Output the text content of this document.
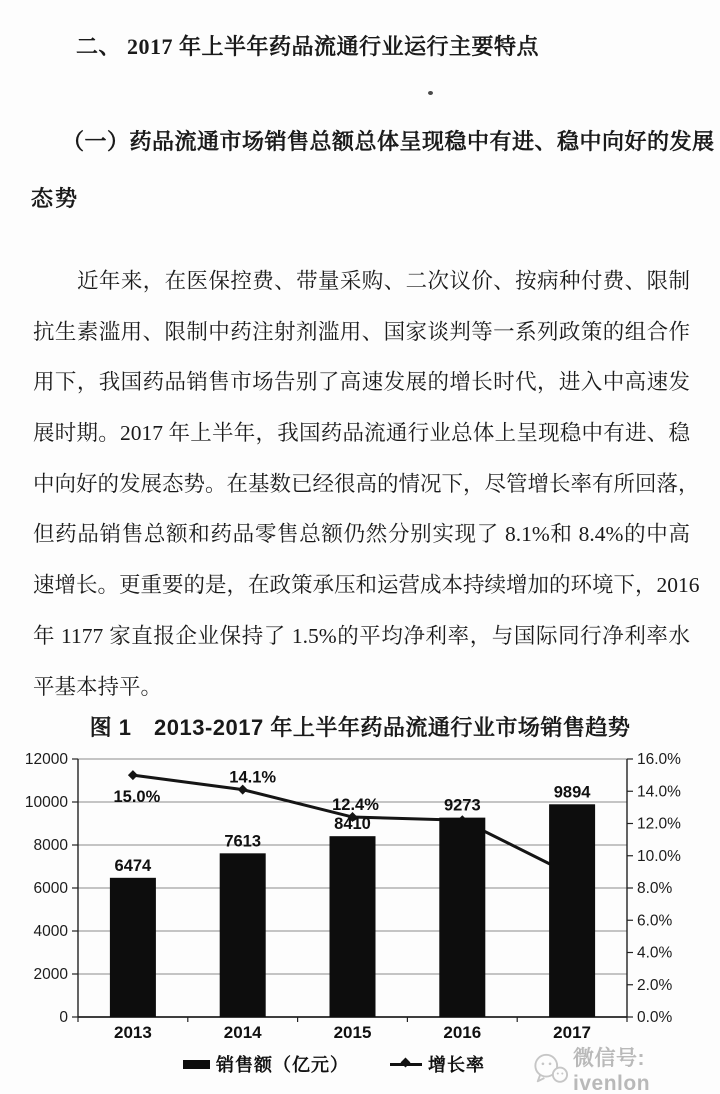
二、 2017 年上半年药品流通行业运行主要特点
（一）药品流通市场销售总额总体呈现稳中有进、稳中向好的发展
态势
近年来，在医保控费、带量采购、二次议价、按病种付费、限制
抗生素滥用、限制中药注射剂滥用、国家谈判等一系列政策的组合作
用下，我国药品销售市场告别了高速发展的增长时代，进入中高速发
展时期。2017 年上半年，我国药品流通行业总体上呈现稳中有进、稳
中向好的发展态势。在基数已经很高的情况下，尽管增长率有所回落，
但药品销售总额和药品零售总额仍然分别实现了 8.1%和 8.4%的中高
速增长。更重要的是，在政策承压和运营成本持续增加的环境下，2016
年 1177 家直报企业保持了 1.5%的平均净利率，与国际同行净利率水
平基本持平。
图 1　2013-2017 年上半年药品流通行业市场销售趋势
0
2000
4000
6000
8000
10000
12000
0.0%
2.0%
4.0%
6.0%
8.0%
10.0%
12.0%
14.0%
16.0%
6474
7613
8410
9273
9894
15.0%
14.1%
12.4%
2013	2014	2015	2016	2017
销售额（亿元）	增长率	微信号: ivenlon
